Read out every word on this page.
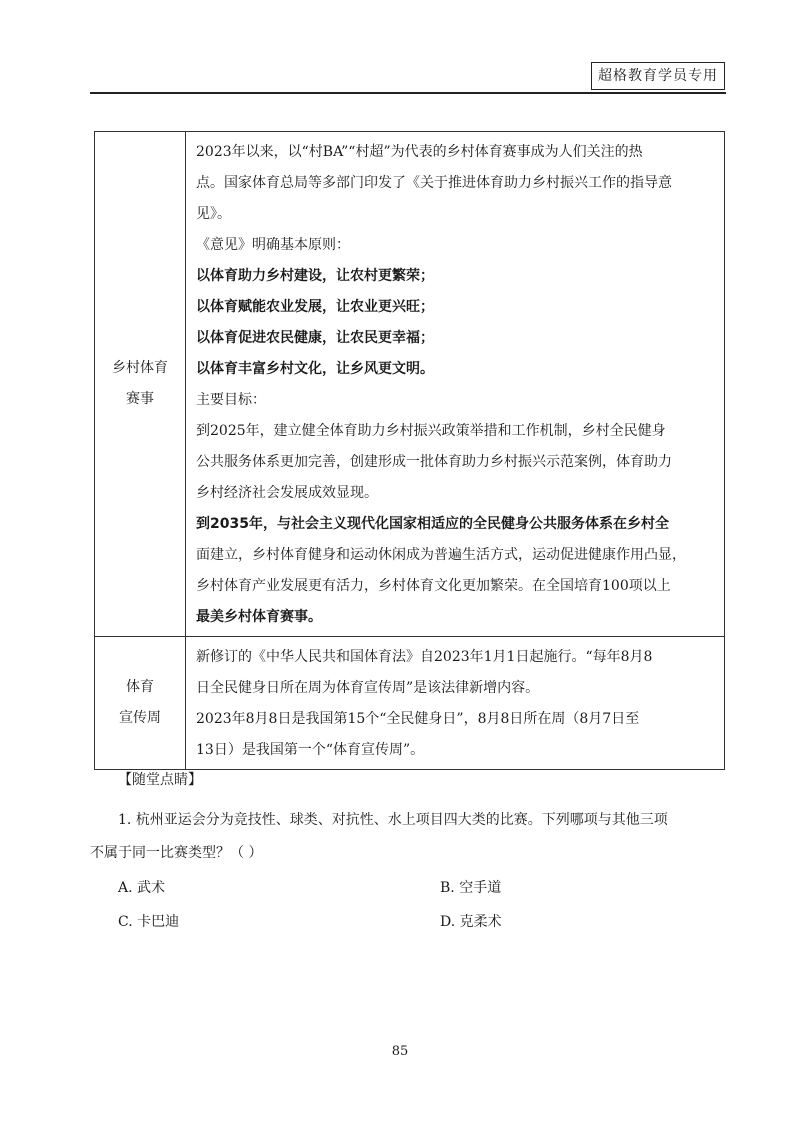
超格教育学员专用
乡村体育
赛事
2023年以来，以“村BA”“村超”为代表的乡村体育赛事成为人们关注的热
点。国家体育总局等多部门印发了《关于推进体育助力乡村振兴工作的指导意
见》。
《意见》明确基本原则：
以体育助力乡村建设，让农村更繁荣；
以体育赋能农业发展，让农业更兴旺；
以体育促进农民健康，让农民更幸福；
以体育丰富乡村文化，让乡风更文明。
主要目标：
到2025年，建立健全体育助力乡村振兴政策举措和工作机制，乡村全民健身
公共服务体系更加完善，创建形成一批体育助力乡村振兴示范案例，体育助力
乡村经济社会发展成效显现。
到2035年，与社会主义现代化国家相适应的全民健身公共服务体系在乡村全
面建立，乡村体育健身和运动休闲成为普遍生活方式，运动促进健康作用凸显，
乡村体育产业发展更有活力，乡村体育文化更加繁荣。在全国培育100项以上
最美乡村体育赛事。
体育
宣传周
新修订的《中华人民共和国体育法》自2023年1月1日起施行。“每年8月8
日全民健身日所在周为体育宣传周”是该法律新增内容。
2023年8月8日是我国第15个“全民健身日”，8月8日所在周（8月7日至
13日）是我国第一个“体育宣传周”。
【随堂点睛】
1. 杭州亚运会分为竞技性、球类、对抗性、水上项目四大类的比赛。下列哪项与其他三项
不属于同一比赛类型？（ ）
A. 武术	B. 空手道
C. 卡巴迪	D. 克柔术
85
